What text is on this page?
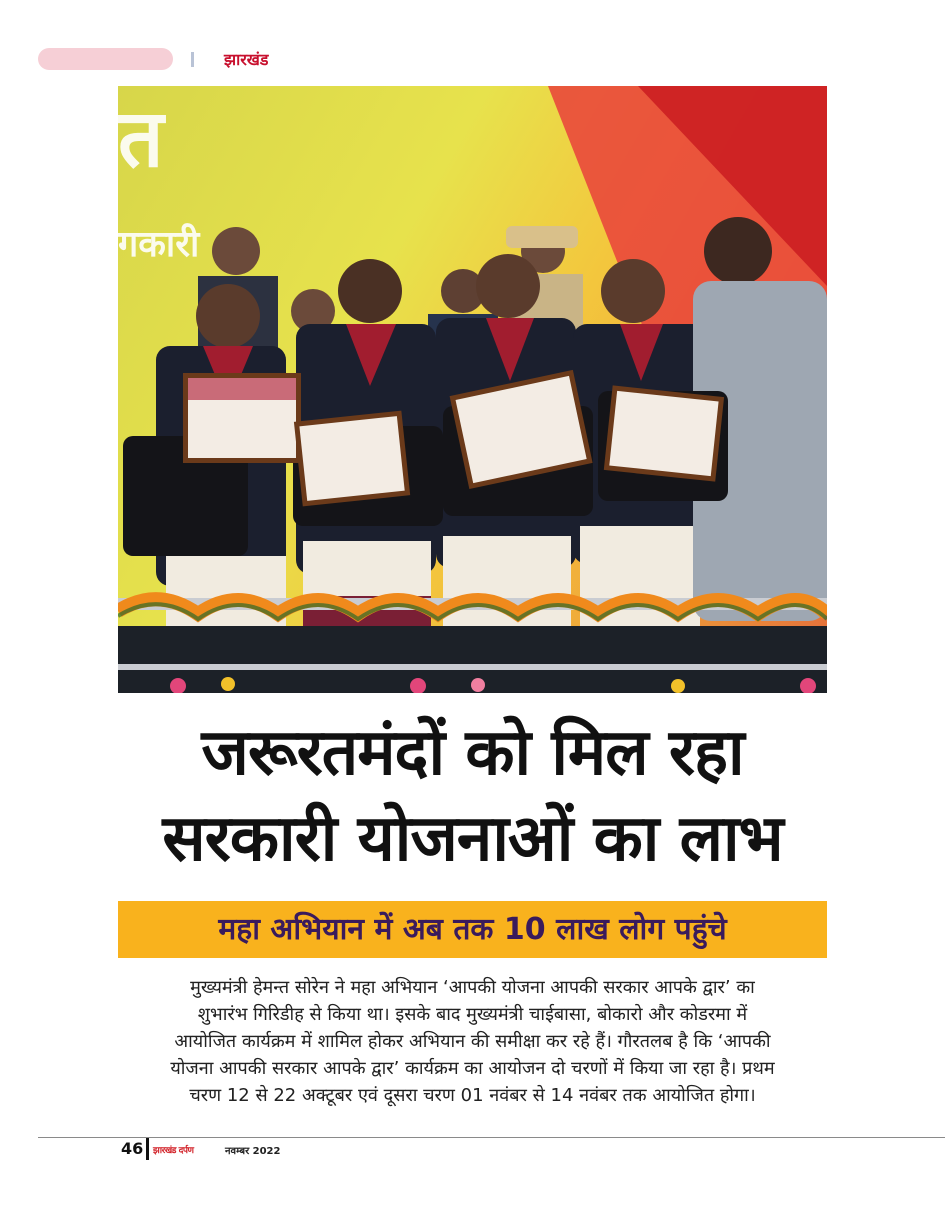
झारखंड
त
गकारी
जरूरतमंदों को मिल रहा
सरकारी योजनाओं का लाभ
महा अभियान में अब तक 10 लाख लोग पहुंचे
मुख्यमंत्री हेमन्त सोरेन ने महा अभियान ‘आपकी योजना आपकी सरकार आपके द्वार’ का
शुभारंभ गिरिडीह से किया था। इसके बाद मुख्यमंत्री चाईबासा, बोकारो और कोडरमा में
आयोजित कार्यक्रम में शामिल होकर अभियान की समीक्षा कर रहे हैं। गौरतलब है कि ‘आपकी
योजना आपकी सरकार आपके द्वार’ कार्यक्रम का आयोजन दो चरणों में किया जा रहा है। प्रथम
चरण 12 से 22 अक्टूबर एवं दूसरा चरण 01 नवंबर से 14 नवंबर तक आयोजित होगा।
46 झारखंड दर्पण	नवम्बर 2022
